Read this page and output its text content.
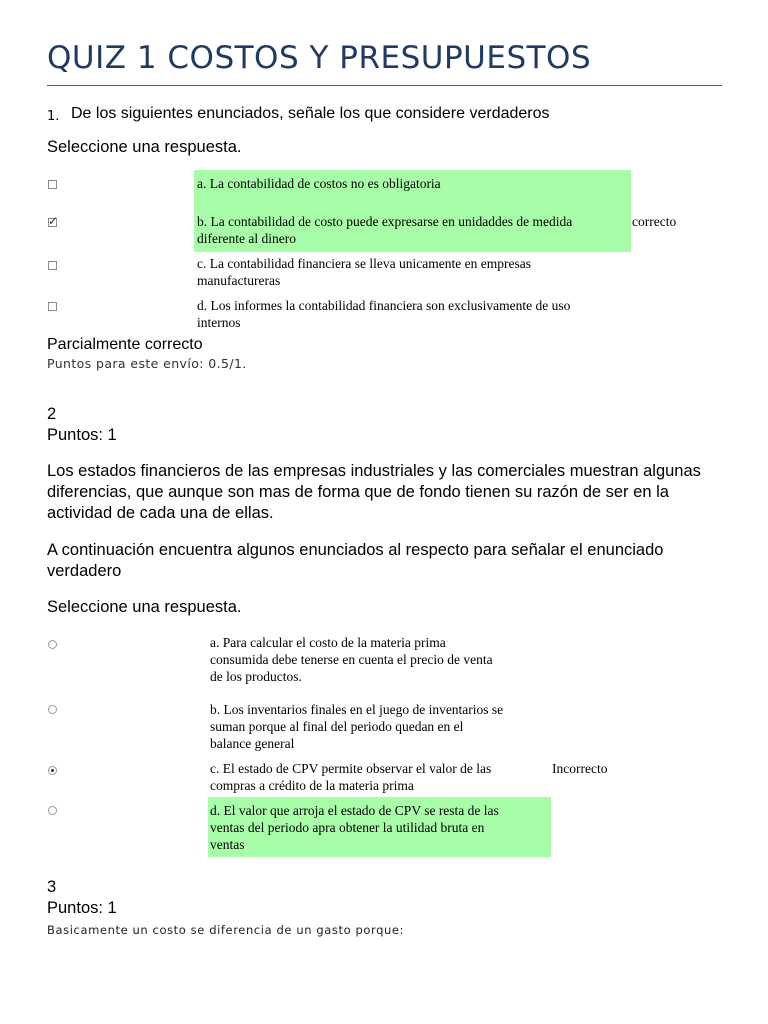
QUIZ 1 COSTOS Y PRESUPUESTOS
1. De los siguientes enunciados, señale los que considere verdaderos
Seleccione una respuesta.
a. La contabilidad de costos no es obligatoria
✓	b. La contabilidad de costo puede expresarse en unidaddes de medida
diferente al dinero
correcto
c. La contabilidad financiera se lleva unicamente en empresas
manufactureras
d. Los informes la contabilidad financiera son exclusivamente de uso
internos
Parcialmente correcto
Puntos para este envío: 0.5/1.
2
Puntos: 1
Los estados financieros de las empresas industriales y las comerciales muestran algunas diferencias, que aunque son mas de forma que de fondo tienen su razón de ser en la actividad de cada una de ellas.
A continuación encuentra algunos enunciados al respecto para señalar el enunciado verdadero
Seleccione una respuesta.
a. Para calcular el costo de la materia prima
consumida debe tenerse en cuenta el precio de venta
de los productos.
b. Los inventarios finales en el juego de inventarios se
suman porque al final del periodo quedan en el
balance general
c. El estado de CPV permite observar el valor de las
compras a crédito de la materia prima
Incorrecto
d. El valor que arroja el estado de CPV se resta de las
ventas del periodo apra obtener la utilidad bruta en
ventas
3
Puntos: 1
Basicamente un costo se diferencia de un gasto porque:
